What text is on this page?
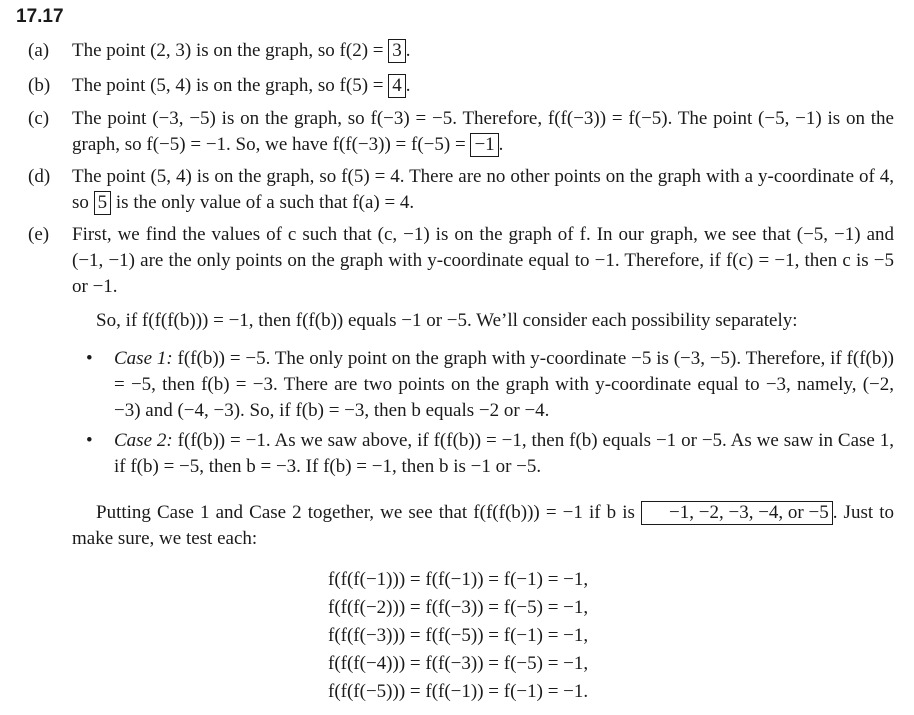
17.17
(a)	The point (2, 3) is on the graph, so f(2) = 3 .
(b)	The point (5, 4) is on the graph, so f(5) = 4 .
(c)	The point (−3, −5) is on the graph, so f(−3) = −5. Therefore, f(f(−3)) = f(−5). The point (−5, −1) is on the graph, so f(−5) = −1. So, we have f(f(−3)) = f(−5) = −1 .
(d)	The point (5, 4) is on the graph, so f(5) = 4. There are no other points on the graph with a y-coordinate of 4, so 5 is the only value of a such that f(a) = 4.
(e)	First, we find the values of c such that (c, −1) is on the graph of f. In our graph, we see that (−5, −1) and (−1, −1) are the only points on the graph with y-coordinate equal to −1. Therefore, if f(c) = −1, then c is −5 or −1.
So, if f(f(f(b))) = −1, then f(f(b)) equals −1 or −5. We’ll consider each possibility separately:
• Case 1: f(f(b)) = −5. The only point on the graph with y-coordinate −5 is (−3, −5). Therefore, if f(f(b)) = −5, then f(b) = −3. There are two points on the graph with y-coordinate equal to −3, namely, (−2, −3) and (−4, −3). So, if f(b) = −3, then b equals −2 or −4.
• Case 2: f(f(b)) = −1. As we saw above, if f(f(b)) = −1, then f(b) equals −1 or −5. As we saw in Case 1, if f(b) = −5, then b = −3. If f(b) = −1, then b is −1 or −5.
Putting Case 1 and Case 2 together, we see that f(f(f(b))) = −1 if b is −1, −2, −3, −4, or −5 . Just to make sure, we test each:
f(f(f(−1))) = f(f(−1)) = f(−1) = −1,
f(f(f(−2))) = f(f(−3)) = f(−5) = −1,
f(f(f(−3))) = f(f(−5)) = f(−1) = −1,
f(f(f(−4))) = f(f(−3)) = f(−5) = −1,
f(f(f(−5))) = f(f(−1)) = f(−1) = −1.
